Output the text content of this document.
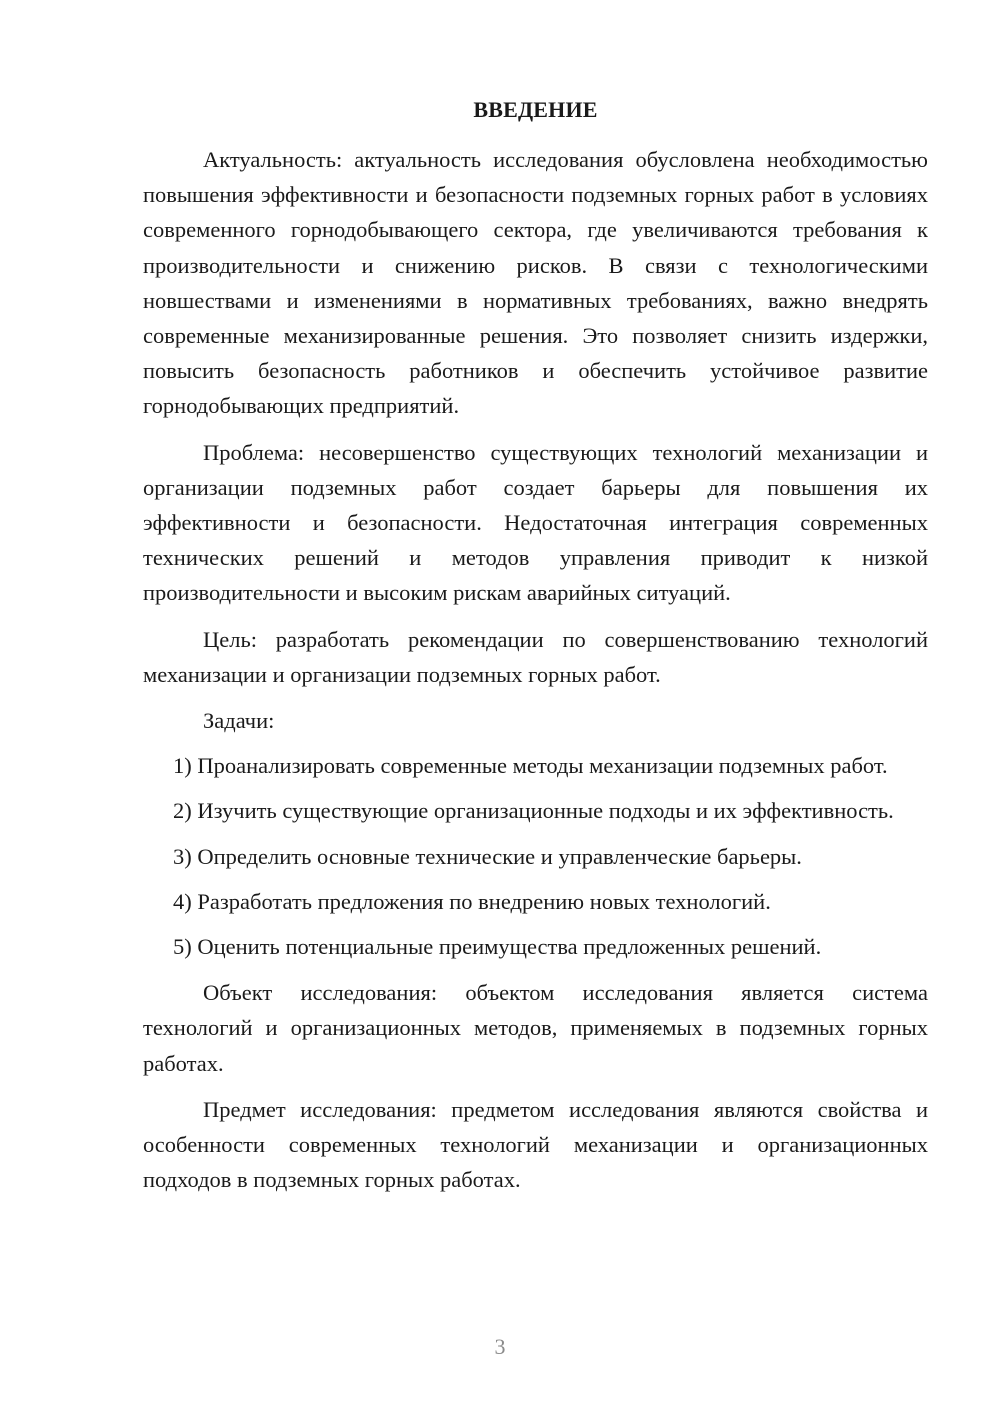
ВВЕДЕНИЕ

Актуальность: актуальность исследования обусловлена необходимостью повышения эффективности и безопасности подземных горных работ в условиях современного горнодобывающего сектора, где увеличиваются требования к производительности и снижению рисков. В связи с технологическими новшествами и изменениями в нормативных требованиях, важно внедрять современные механизированные решения. Это позволяет снизить издержки, повысить безопасность работников и обеспечить устойчивое развитие горнодобывающих предприятий.

Проблема: несовершенство существующих технологий механизации и организации подземных работ создает барьеры для повышения их эффективности и безопасности. Недостаточная интеграция современных технических решений и методов управления приводит к низкой производительности и высоким рискам аварийных ситуаций.

Цель: разработать рекомендации по совершенствованию технологий механизации и организации подземных горных работ.

Задачи:

1) Проанализировать современные методы механизации подземных работ.

2) Изучить существующие организационные подходы и их эффективность.

3) Определить основные технические и управленческие барьеры.

4) Разработать предложения по внедрению новых технологий.

5) Оценить потенциальные преимущества предложенных решений.

Объект исследования: объектом исследования является система технологий и организационных методов, применяемых в подземных горных работах.

Предмет исследования: предметом исследования являются свойства и особенности современных технологий механизации и организационных подходов в подземных горных работах.

3
